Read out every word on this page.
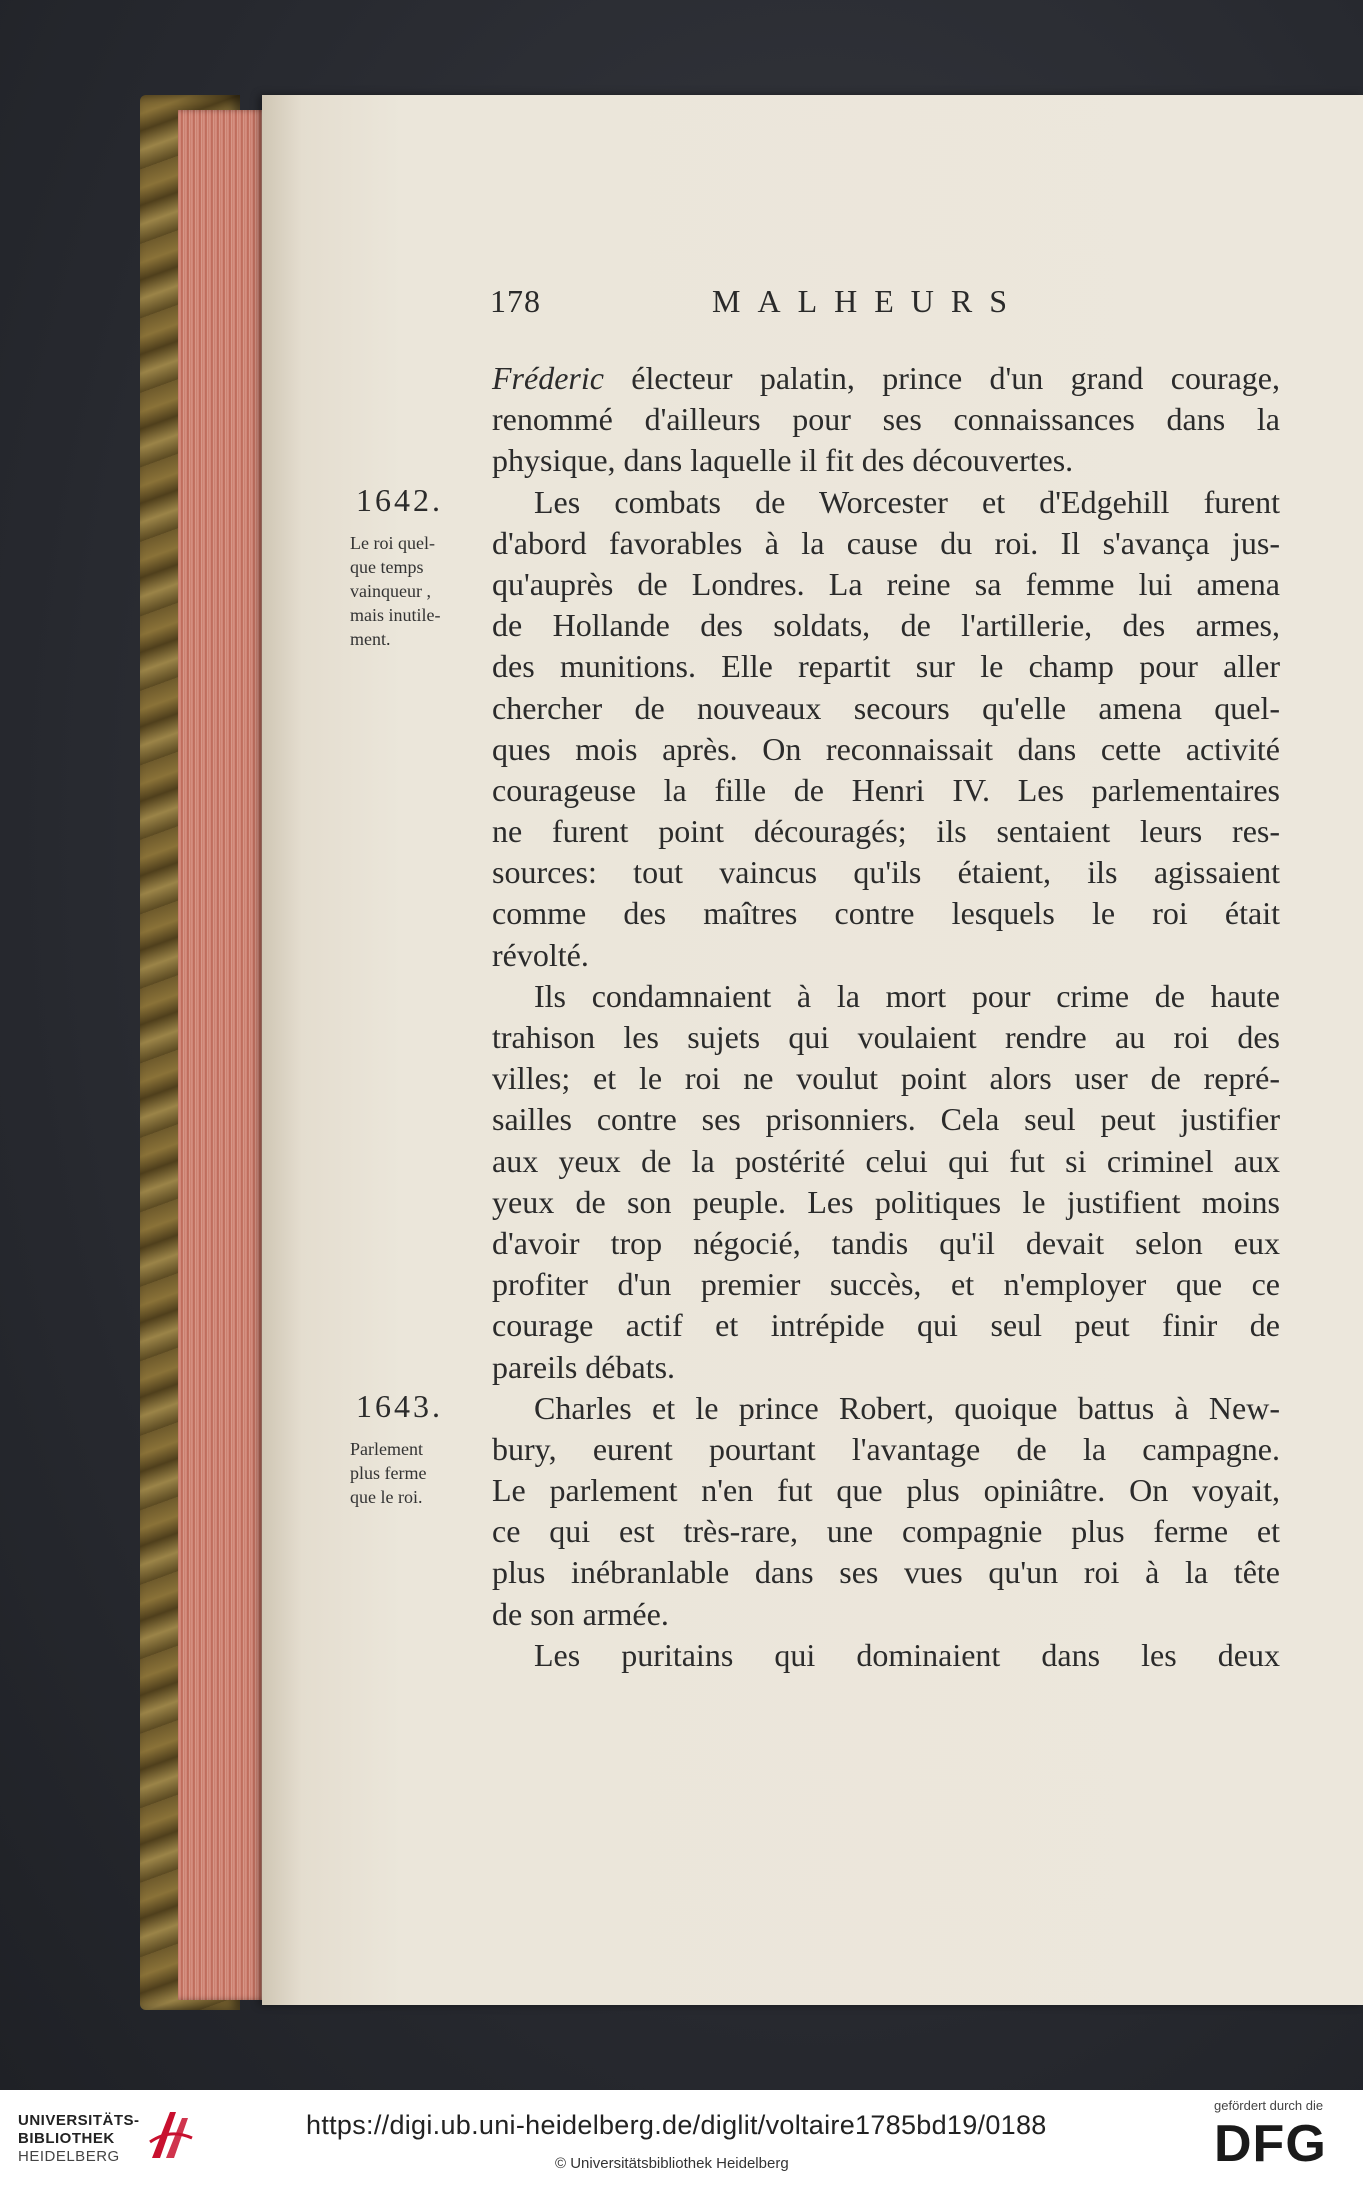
178	MALHEURS
Fréderic électeur palatin, prince d'un grand courage,
renommé d'ailleurs pour ses connaissances dans la
physique, dans laquelle il fit des découvertes.
Les combats de Worcester et d'Edgehill furent
d'abord favorables à la cause du roi. Il s'avança jus-
qu'auprès de Londres. La reine sa femme lui amena
de Hollande des soldats, de l'artillerie, des armes,
des munitions. Elle repartit sur le champ pour aller
chercher de nouveaux secours qu'elle amena quel-
ques mois après. On reconnaissait dans cette activité
courageuse la fille de Henri IV. Les parlementaires
ne furent point découragés; ils sentaient leurs res-
sources: tout vaincus qu'ils étaient, ils agissaient
comme des maîtres contre lesquels le roi était
révolté.
Ils condamnaient à la mort pour crime de haute
trahison les sujets qui voulaient rendre au roi des
villes; et le roi ne voulut point alors user de repré-
sailles contre ses prisonniers. Cela seul peut justifier
aux yeux de la postérité celui qui fut si criminel aux
yeux de son peuple. Les politiques le justifient moins
d'avoir trop négocié, tandis qu'il devait selon eux
profiter d'un premier succès, et n'employer que ce
courage actif et intrépide qui seul peut finir de
pareils débats.
Charles et le prince Robert, quoique battus à New-
bury, eurent pourtant l'avantage de la campagne.
Le parlement n'en fut que plus opiniâtre. On voyait,
ce qui est très-rare, une compagnie plus ferme et
plus inébranlable dans ses vues qu'un roi à la tête
de son armée.
Les puritains qui dominaient dans les deux
1642.
1643.
Le roi quel-
que temps
vainqueur ,
mais inutile-
ment.
Parlement
plus ferme
que le roi.
UNIVERSITÄTS-
BIBLIOTHEK
HEIDELBERG
https://digi.ub.uni-heidelberg.de/diglit/voltaire1785bd19/0188
© Universitätsbibliothek Heidelberg
gefördert durch die
DFG
